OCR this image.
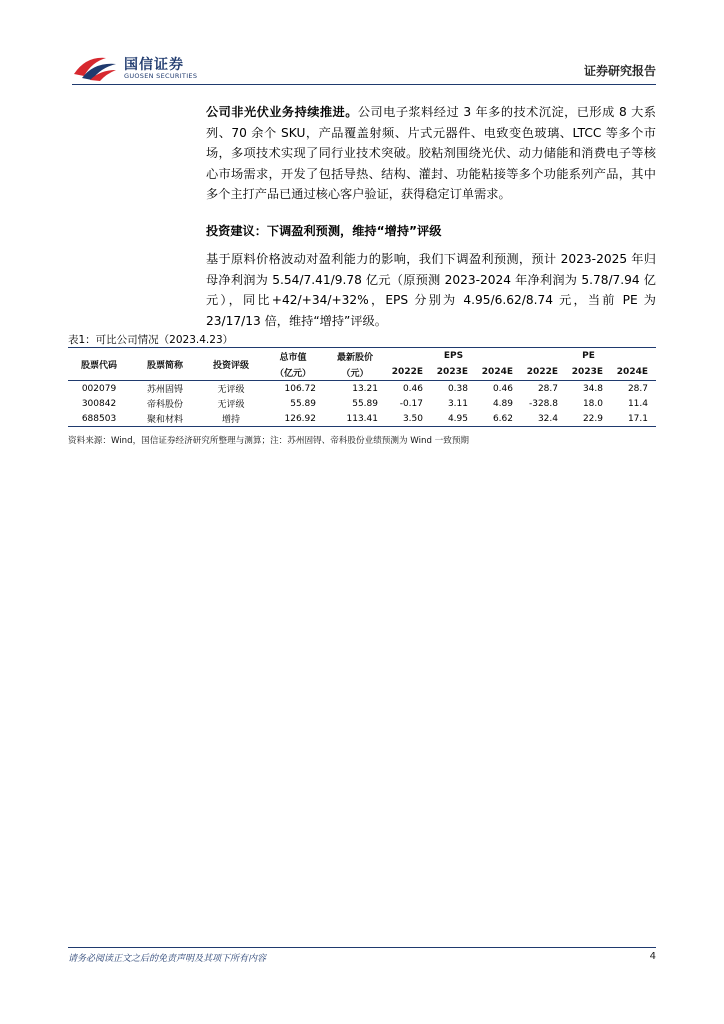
国信证券
GUOSEN SECURITIES	证券研究报告
公司非光伏业务持续推进。公司电子浆料经过 3 年多的技术沉淀，已形成 8 大系列、70 余个 SKU，产品覆盖射频、片式元器件、电致变色玻璃、LTCC 等多个市场，多项技术实现了同行业技术突破。胶粘剂围绕光伏、动力储能和消费电子等核心市场需求，开发了包括导热、结构、灌封、功能粘接等多个功能系列产品，其中多个主打产品已通过核心客户验证，获得稳定订单需求。
投资建议：下调盈利预测，维持“增持”评级
基于原料价格波动对盈利能力的影响，我们下调盈利预测，预计 2023-2025 年归母净利润为 5.54/7.41/9.78 亿元（原预测 2023-2024 年净利润为 5.78/7.94 亿元），同比+42/+34/+32%，EPS 分别为 4.95/6.62/8.74 元，当前 PE 为 23/17/13 倍，维持“增持”评级。
表1：可比公司情况（2023.4.23）
股票代码	股票简称	投资评级	总市值	最新股价	EPS			PE		
			（亿元）	（元）	2022E	2023E	2024E	2022E	2023E	2024E
002079	苏州固锝	无评级	106.72	13.21	0.46	0.38	0.46	28.7	34.8	28.7
300842	帝科股份	无评级	55.89	55.89	-0.17	3.11	4.89	-328.8	18.0	11.4
688503	聚和材料	增持	126.92	113.41	3.50	4.95	6.62	32.4	22.9	17.1
资料来源：Wind，国信证券经济研究所整理与测算；注：苏州固锝、帝科股份业绩预测为 Wind 一致预期
请务必阅读正文之后的免责声明及其项下所有内容	4
